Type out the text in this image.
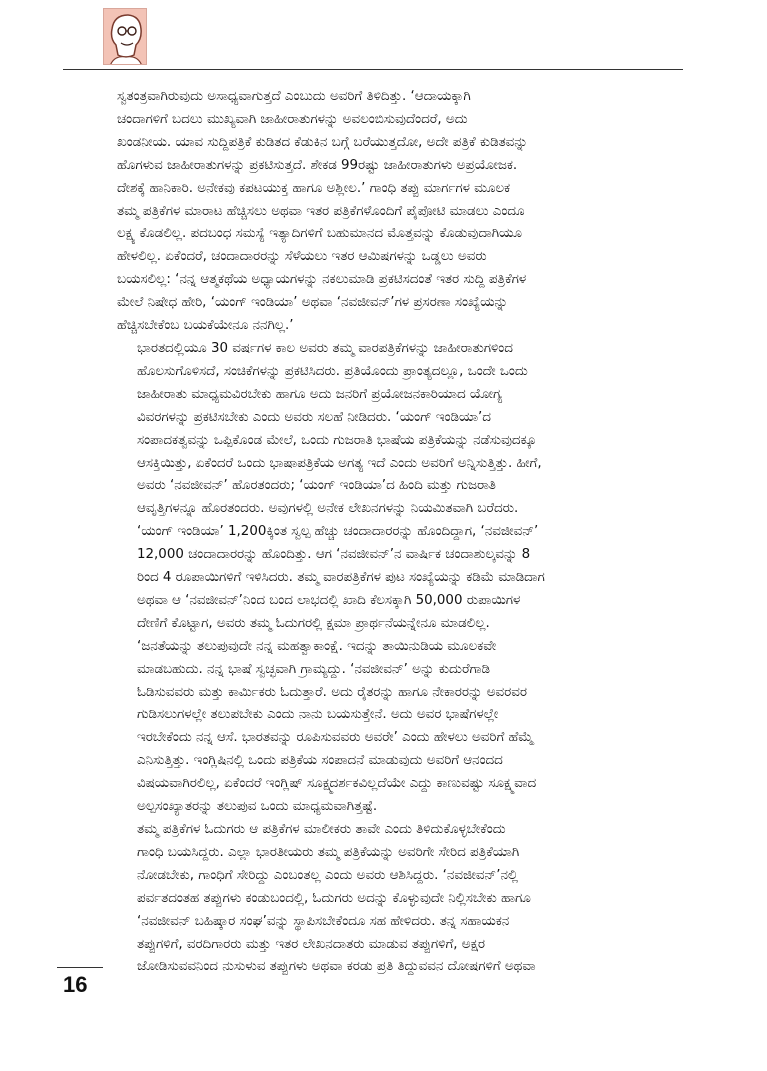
ಸ್ವತಂತ್ರವಾಗಿರುವುದು ಅಸಾಧ್ಯವಾಗುತ್ತದೆ ಎಂಬುದು ಅವರಿಗೆ ತಿಳಿದಿತ್ತು. ‘ಆದಾಯಕ್ಕಾಗಿ
ಚಂದಾಗಳಿಗೆ ಬದಲು ಮುಖ್ಯವಾಗಿ ಜಾಹೀರಾತುಗಳನ್ನು ಅವಲಂಬಿಸುವುದೆಂದರೆ, ಅದು
ಖಂಡನೀಯ. ಯಾವ ಸುದ್ದಿಪತ್ರಿಕೆ ಕುಡಿತದ ಕೆಡುಕಿನ ಬಗ್ಗೆ ಬರೆಯುತ್ತದೋ, ಅದೇ ಪತ್ರಿಕೆ ಕುಡಿತವನ್ನು
ಹೊಗಳುವ ಜಾಹೀರಾತುಗಳನ್ನು ಪ್ರಕಟಿಸುತ್ತದೆ. ಶೇಕಡ 99ರಷ್ಟು ಜಾಹೀರಾತುಗಳು ಅಪ್ರಯೋಜಕ.
ದೇಶಕ್ಕೆ ಹಾನಿಕಾರಿ. ಅನೇಕವು ಕಪಟಯುಕ್ತ ಹಾಗೂ ಅಶ್ಲೀಲ.’ ಗಾಂಧಿ ತಪ್ಪು ಮಾರ್ಗಗಳ ಮೂಲಕ
ತಮ್ಮ ಪತ್ರಿಕೆಗಳ ಮಾರಾಟ ಹೆಚ್ಚಿಸಲು ಅಥವಾ ಇತರ ಪತ್ರಿಕೆಗಳೊಂದಿಗೆ ಪೈಪೋಟಿ ಮಾಡಲು ಎಂದೂ
ಲಕ್ಷ್ಯ ಕೊಡಲಿಲ್ಲ. ಪದಬಂಧ ಸಮಸ್ಯೆ ಇತ್ಯಾದಿಗಳಿಗೆ ಬಹುಮಾನದ ಮೊತ್ತವನ್ನು ಕೊಡುವುದಾಗಿಯೂ
ಹೇಳಲಿಲ್ಲ. ಏಕೆಂದರೆ, ಚಂದಾದಾರರನ್ನು ಸೆಳೆಯಲು ಇತರ ಆಮಿಷಗಳನ್ನು ಒಡ್ಡಲು ಅವರು
ಬಯಸಲಿಲ್ಲ: ‘ನನ್ನ ಆತ್ಮಕಥೆಯ ಅಧ್ಯಾಯಗಳನ್ನು ನಕಲುಮಾಡಿ ಪ್ರಕಟಿಸದಂತೆ ಇತರ ಸುದ್ದಿ ಪತ್ರಿಕೆಗಳ
ಮೇಲೆ ನಿಷೇಧ ಹೇರಿ, ‘ಯಂಗ್ ಇಂಡಿಯಾ’ ಅಥವಾ ‘ನವಜೀವನ್’ಗಳ ಪ್ರಸರಣಾ ಸಂಖ್ಯೆಯನ್ನು
ಹೆಚ್ಚಿಸಬೇಕೆಂಬ ಬಯಕೆಯೇನೂ ನನಗಿಲ್ಲ.’
ಭಾರತದಲ್ಲಿಯೂ 30 ವರ್ಷಗಳ ಕಾಲ ಅವರು ತಮ್ಮ ವಾರಪತ್ರಿಕೆಗಳನ್ನು ಜಾಹೀರಾತುಗಳಿಂದ
ಹೊಲಸುಗೊಳಿಸದೆ, ಸಂಚಿಕೆಗಳನ್ನು ಪ್ರಕಟಿಸಿದರು. ಪ್ರತಿಯೊಂದು ಪ್ರಾಂತ್ಯದಲ್ಲೂ, ಒಂದೇ ಒಂದು
ಜಾಹೀರಾತು ಮಾಧ್ಯಮವಿರಬೇಕು ಹಾಗೂ ಅದು ಜನರಿಗೆ ಪ್ರಯೋಜನಕಾರಿಯಾದ ಯೋಗ್ಯ
ವಿವರಗಳನ್ನು ಪ್ರಕಟಿಸಬೇಕು ಎಂದು ಅವರು ಸಲಹೆ ನೀಡಿದರು. ‘ಯಂಗ್ ಇಂಡಿಯಾ’ದ
ಸಂಪಾದಕತ್ವವನ್ನು ಒಪ್ಪಿಕೊಂಡ ಮೇಲೆ, ಒಂದು ಗುಜರಾತಿ ಭಾಷೆಯ ಪತ್ರಿಕೆಯನ್ನು ನಡೆಸುವುದಕ್ಕೂ
ಆಸಕ್ತಿಯಿತ್ತು, ಏಕೆಂದರೆ ಒಂದು ಭಾಷಾಪತ್ರಿಕೆಯ ಅಗತ್ಯ ಇದೆ ಎಂದು ಅವರಿಗೆ ಅನ್ನಿಸುತ್ತಿತ್ತು. ಹೀಗೆ,
ಅವರು ‘ನವಜೀವನ್’ ಹೊರತಂದರು; ‘ಯಂಗ್ ಇಂಡಿಯಾ’ದ ಹಿಂದಿ ಮತ್ತು ಗುಜರಾತಿ
ಆವೃತ್ತಿಗಳನ್ನೂ ಹೊರತಂದರು. ಅವುಗಳಲ್ಲಿ ಅನೇಕ ಲೇಖನಗಳನ್ನು ನಿಯಮಿತವಾಗಿ ಬರೆದರು.
‘ಯಂಗ್ ಇಂಡಿಯಾ’ 1,200ಕ್ಕಿಂತ ಸ್ವಲ್ಪ ಹೆಚ್ಚು ಚಂದಾದಾರರನ್ನು ಹೊಂದಿದ್ದಾಗ, ‘ನವಜೀವನ್’
12,000 ಚಂದಾದಾರರನ್ನು ಹೊಂದಿತ್ತು. ಆಗ ‘ನವಜೀವನ್’ನ ವಾರ್ಷಿಕ ಚಂದಾಶುಲ್ಕವನ್ನು 8
ರಿಂದ 4 ರೂಪಾಯಿಗಳಿಗೆ ಇಳಿಸಿದರು. ತಮ್ಮ ವಾರಪತ್ರಿಕೆಗಳ ಪುಟ ಸಂಖ್ಯೆಯನ್ನು ಕಡಿಮೆ ಮಾಡಿದಾಗ
ಅಥವಾ ಆ ‘ನವಜೀವನ್’ನಿಂದ ಬಂದ ಲಾಭದಲ್ಲಿ ಖಾದಿ ಕೆಲಸಕ್ಕಾಗಿ 50,000 ರುಪಾಯಿಗಳ
ದೇಣಿಗೆ ಕೊಟ್ಟಾಗ, ಅವರು ತಮ್ಮ ಓದುಗರಲ್ಲಿ ಕ್ಷಮಾ ಪ್ರಾರ್ಥನೆಯನ್ನೇನೂ ಮಾಡಲಿಲ್ಲ.
‘ಜನತೆಯನ್ನು ತಲುಪುವುದೇ ನನ್ನ ಮಹತ್ವಾಕಾಂಕ್ಷೆ. ಇದನ್ನು ತಾಯಿನುಡಿಯ ಮೂಲಕವೇ
ಮಾಡಬಹುದು. ನನ್ನ ಭಾಷೆ ಸ್ವಚ್ಛವಾಗಿ ಗ್ರಾಮ್ಯದ್ದು. ‘ನವಜೀವನ್’ ಅನ್ನು ಕುದುರೆಗಾಡಿ
ಓಡಿಸುವವರು ಮತ್ತು ಕಾರ್ಮಿಕರು ಓದುತ್ತಾರೆ. ಅದು ರೈತರನ್ನು ಹಾಗೂ ನೇಕಾರರನ್ನು ಅವರವರ
ಗುಡಿಸಲುಗಳಲ್ಲೇ ತಲುಪಬೇಕು ಎಂದು ನಾನು ಬಯಸುತ್ತೇನೆ. ಅದು ಅವರ ಭಾಷೆಗಳಲ್ಲೇ
ಇರಬೇಕೆಂದು ನನ್ನ ಆಸೆ. ಭಾರತವನ್ನು ರೂಪಿಸುವವರು ಅವರೇ’ ಎಂದು ಹೇಳಲು ಅವರಿಗೆ ಹೆಮ್ಮೆ
ಎನಿಸುತ್ತಿತ್ತು. ಇಂಗ್ಲಿಷಿನಲ್ಲಿ ಒಂದು ಪತ್ರಿಕೆಯ ಸಂಪಾದನೆ ಮಾಡುವುದು ಅವರಿಗೆ ಆನಂದದ
ವಿಷಯವಾಗಿರಲಿಲ್ಲ, ಏಕೆಂದರೆ ಇಂಗ್ಲಿಷ್ ಸೂಕ್ಷ್ಮದರ್ಶಕವಿಲ್ಲದೆಯೇ ಎದ್ದು ಕಾಣುವಷ್ಟು ಸೂಕ್ಷ್ಮವಾದ
ಅಲ್ಪಸಂಖ್ಯಾತರನ್ನು ತಲುಪುವ ಒಂದು ಮಾಧ್ಯಮವಾಗಿತ್ತಷ್ಟೆ.
ತಮ್ಮ ಪತ್ರಿಕೆಗಳ ಓದುಗರು ಆ ಪತ್ರಿಕೆಗಳ ಮಾಲೀಕರು ತಾವೇ ಎಂದು ತಿಳಿದುಕೊಳ್ಳಬೇಕೆಂದು
ಗಾಂಧಿ ಬಯಸಿದ್ದರು. ಎಲ್ಲಾ ಭಾರತೀಯರು ತಮ್ಮ ಪತ್ರಿಕೆಯನ್ನು ಅವರಿಗೇ ಸೇರಿದ ಪತ್ರಿಕೆಯಾಗಿ
ನೋಡಬೇಕು, ಗಾಂಧಿಗೆ ಸೇರಿದ್ದು ಎಂಬಂತಲ್ಲ ಎಂದು ಅವರು ಆಶಿಸಿದ್ದರು. ‘ನವಜೀವನ್’ನಲ್ಲಿ
ಪರ್ವತದಂತಹ ತಪ್ಪುಗಳು ಕಂಡುಬಂದಲ್ಲಿ, ಓದುಗರು ಅದನ್ನು ಕೊಳ್ಳುವುದೇ ನಿಲ್ಲಿಸಬೇಕು ಹಾಗೂ
‘ನವಜೀವನ್ ಬಹಿಷ್ಕಾರ ಸಂಘ’ವನ್ನು ಸ್ಥಾಪಿಸಬೇಕೆಂದೂ ಸಹ ಹೇಳಿದರು. ತನ್ನ ಸಹಾಯಕನ
ತಪ್ಪುಗಳಿಗೆ, ವರದಿಗಾರರು ಮತ್ತು ಇತರ ಲೇಖನದಾತರು ಮಾಡುವ ತಪ್ಪುಗಳಿಗೆ, ಅಕ್ಷರ
ಜೋಡಿಸುವವನಿಂದ ನುಸುಳುವ ತಪ್ಪುಗಳು ಅಥವಾ ಕರಡು ಪ್ರತಿ ತಿದ್ದುವವನ ದೋಷಗಳಿಗೆ ಅಥವಾ
16
